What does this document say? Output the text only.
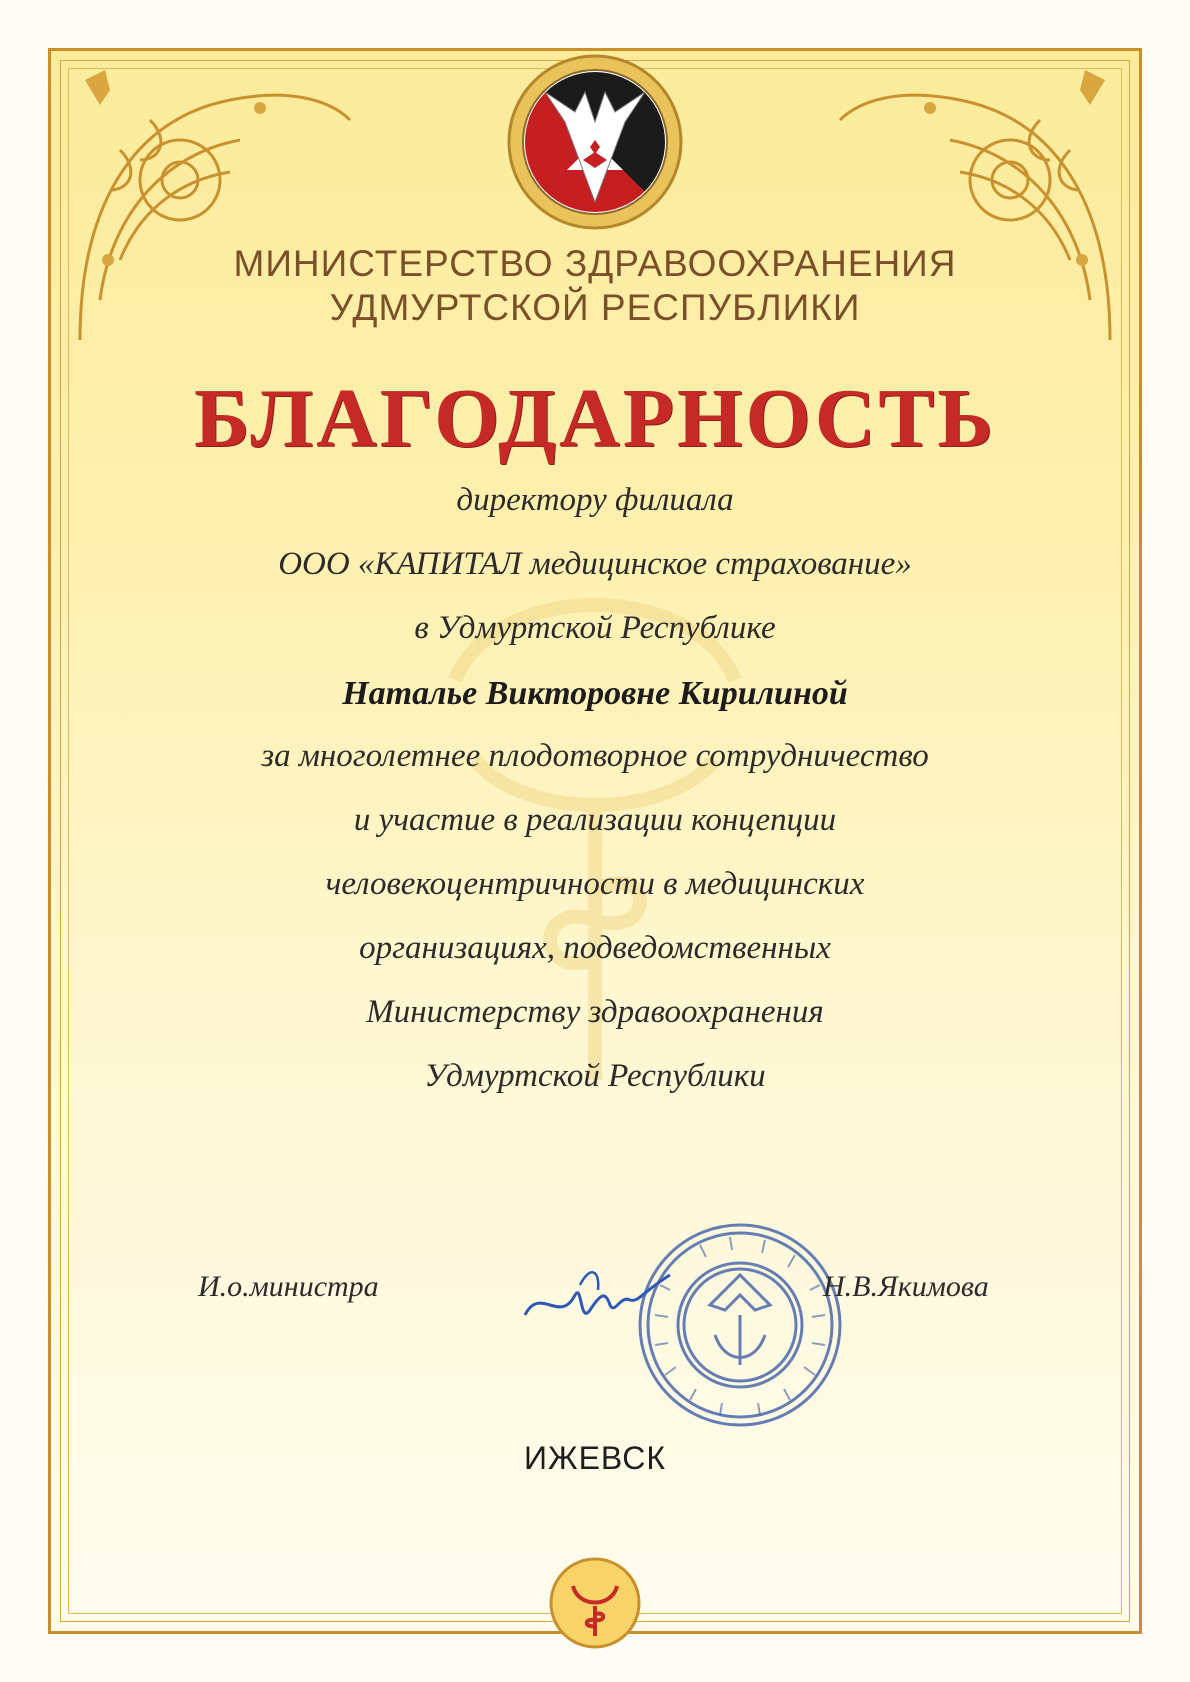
МИНИСТЕРСТВО ЗДРАВООХРАНЕНИЯ
УДМУРТСКОЙ РЕСПУБЛИКИ
БЛАГОДАРНОСТЬ
директору филиала
ООО «КАПИТАЛ медицинское страхование»
в Удмуртской Республике
Наталье Викторовне Кирилиной
за многолетнее плодотворное сотрудничество
и участие в реализации концепции
человекоцентричности в медицинских
организациях, подведомственных
Министерству здравоохранения
Удмуртской Республики
И.о.министра	Н.В.Якимова
ИЖЕВСК
